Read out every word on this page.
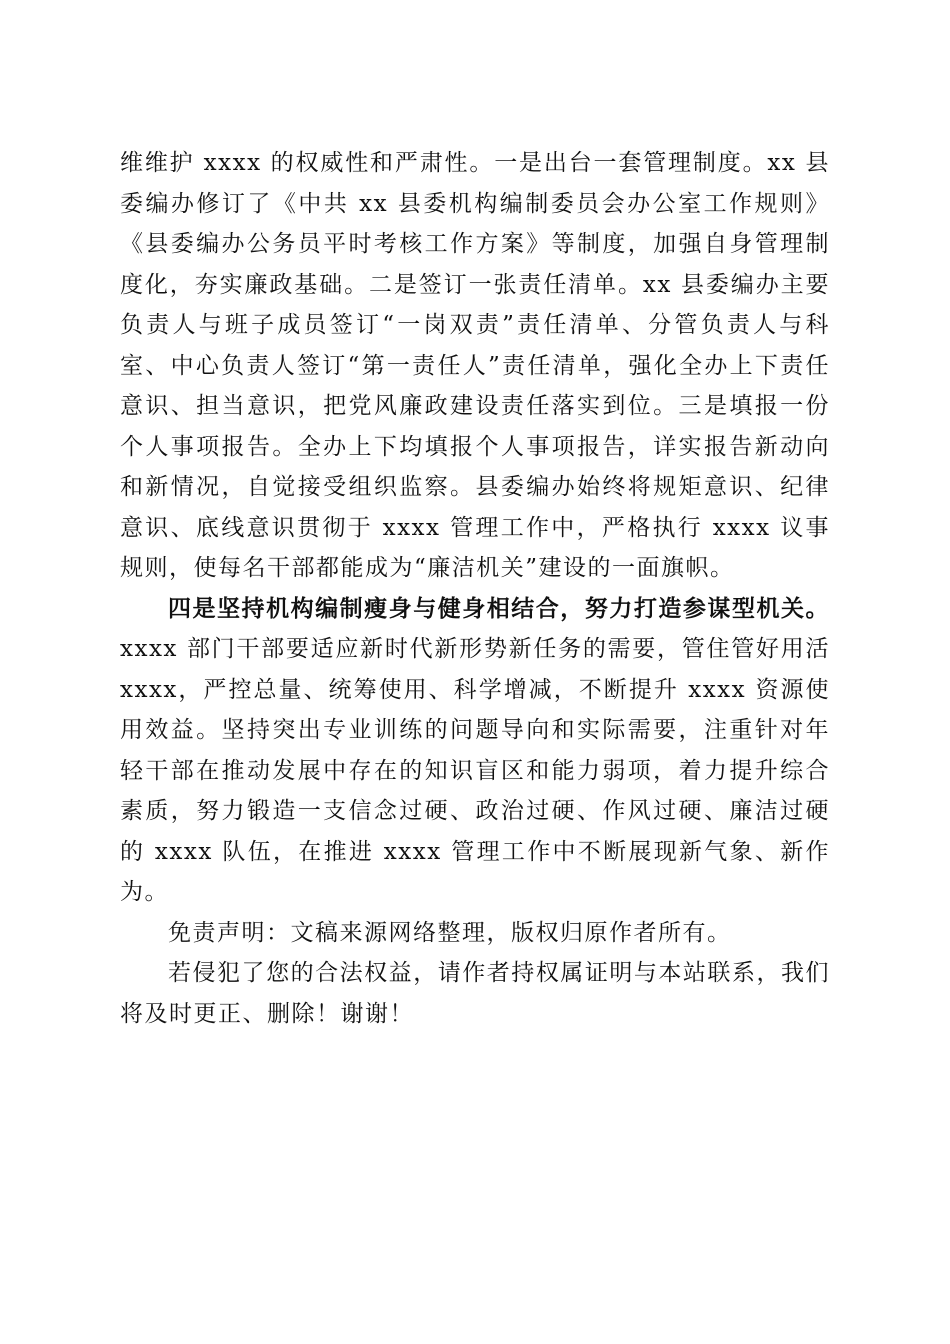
维维护 xxxx 的权威性和严肃性。一是出台一套管理制度。xx 县委编办修订了《中共 xx 县委机构编制委员会办公室工作规则》《县委编办公务员平时考核工作方案》等制度，加强自身管理制度化，夯实廉政基础。二是签订一张责任清单。xx 县委编办主要负责人与班子成员签订“一岗双责”责任清单、分管负责人与科室、中心负责人签订“第一责任人”责任清单，强化全办上下责任意识、担当意识，把党风廉政建设责任落实到位。三是填报一份个人事项报告。全办上下均填报个人事项报告，详实报告新动向和新情况，自觉接受组织监察。县委编办始终将规矩意识、纪律意识、底线意识贯彻于 xxxx 管理工作中，严格执行 xxxx 议事规则，使每名干部都能成为“廉洁机关”建设的一面旗帜。

四是坚持机构编制瘦身与健身相结合，努力打造参谋型机关。xxxx 部门干部要适应新时代新形势新任务的需要，管住管好用活 xxxx，严控总量、统筹使用、科学增减，不断提升 xxxx 资源使用效益。坚持突出专业训练的问题导向和实际需要，注重针对年轻干部在推动发展中存在的知识盲区和能力弱项，着力提升综合素质，努力锻造一支信念过硬、政治过硬、作风过硬、廉洁过硬的 xxxx 队伍，在推进 xxxx 管理工作中不断展现新气象、新作为。

免责声明：文稿来源网络整理，版权归原作者所有。

若侵犯了您的合法权益，请作者持权属证明与本站联系，我们将及时更正、删除！谢谢！
